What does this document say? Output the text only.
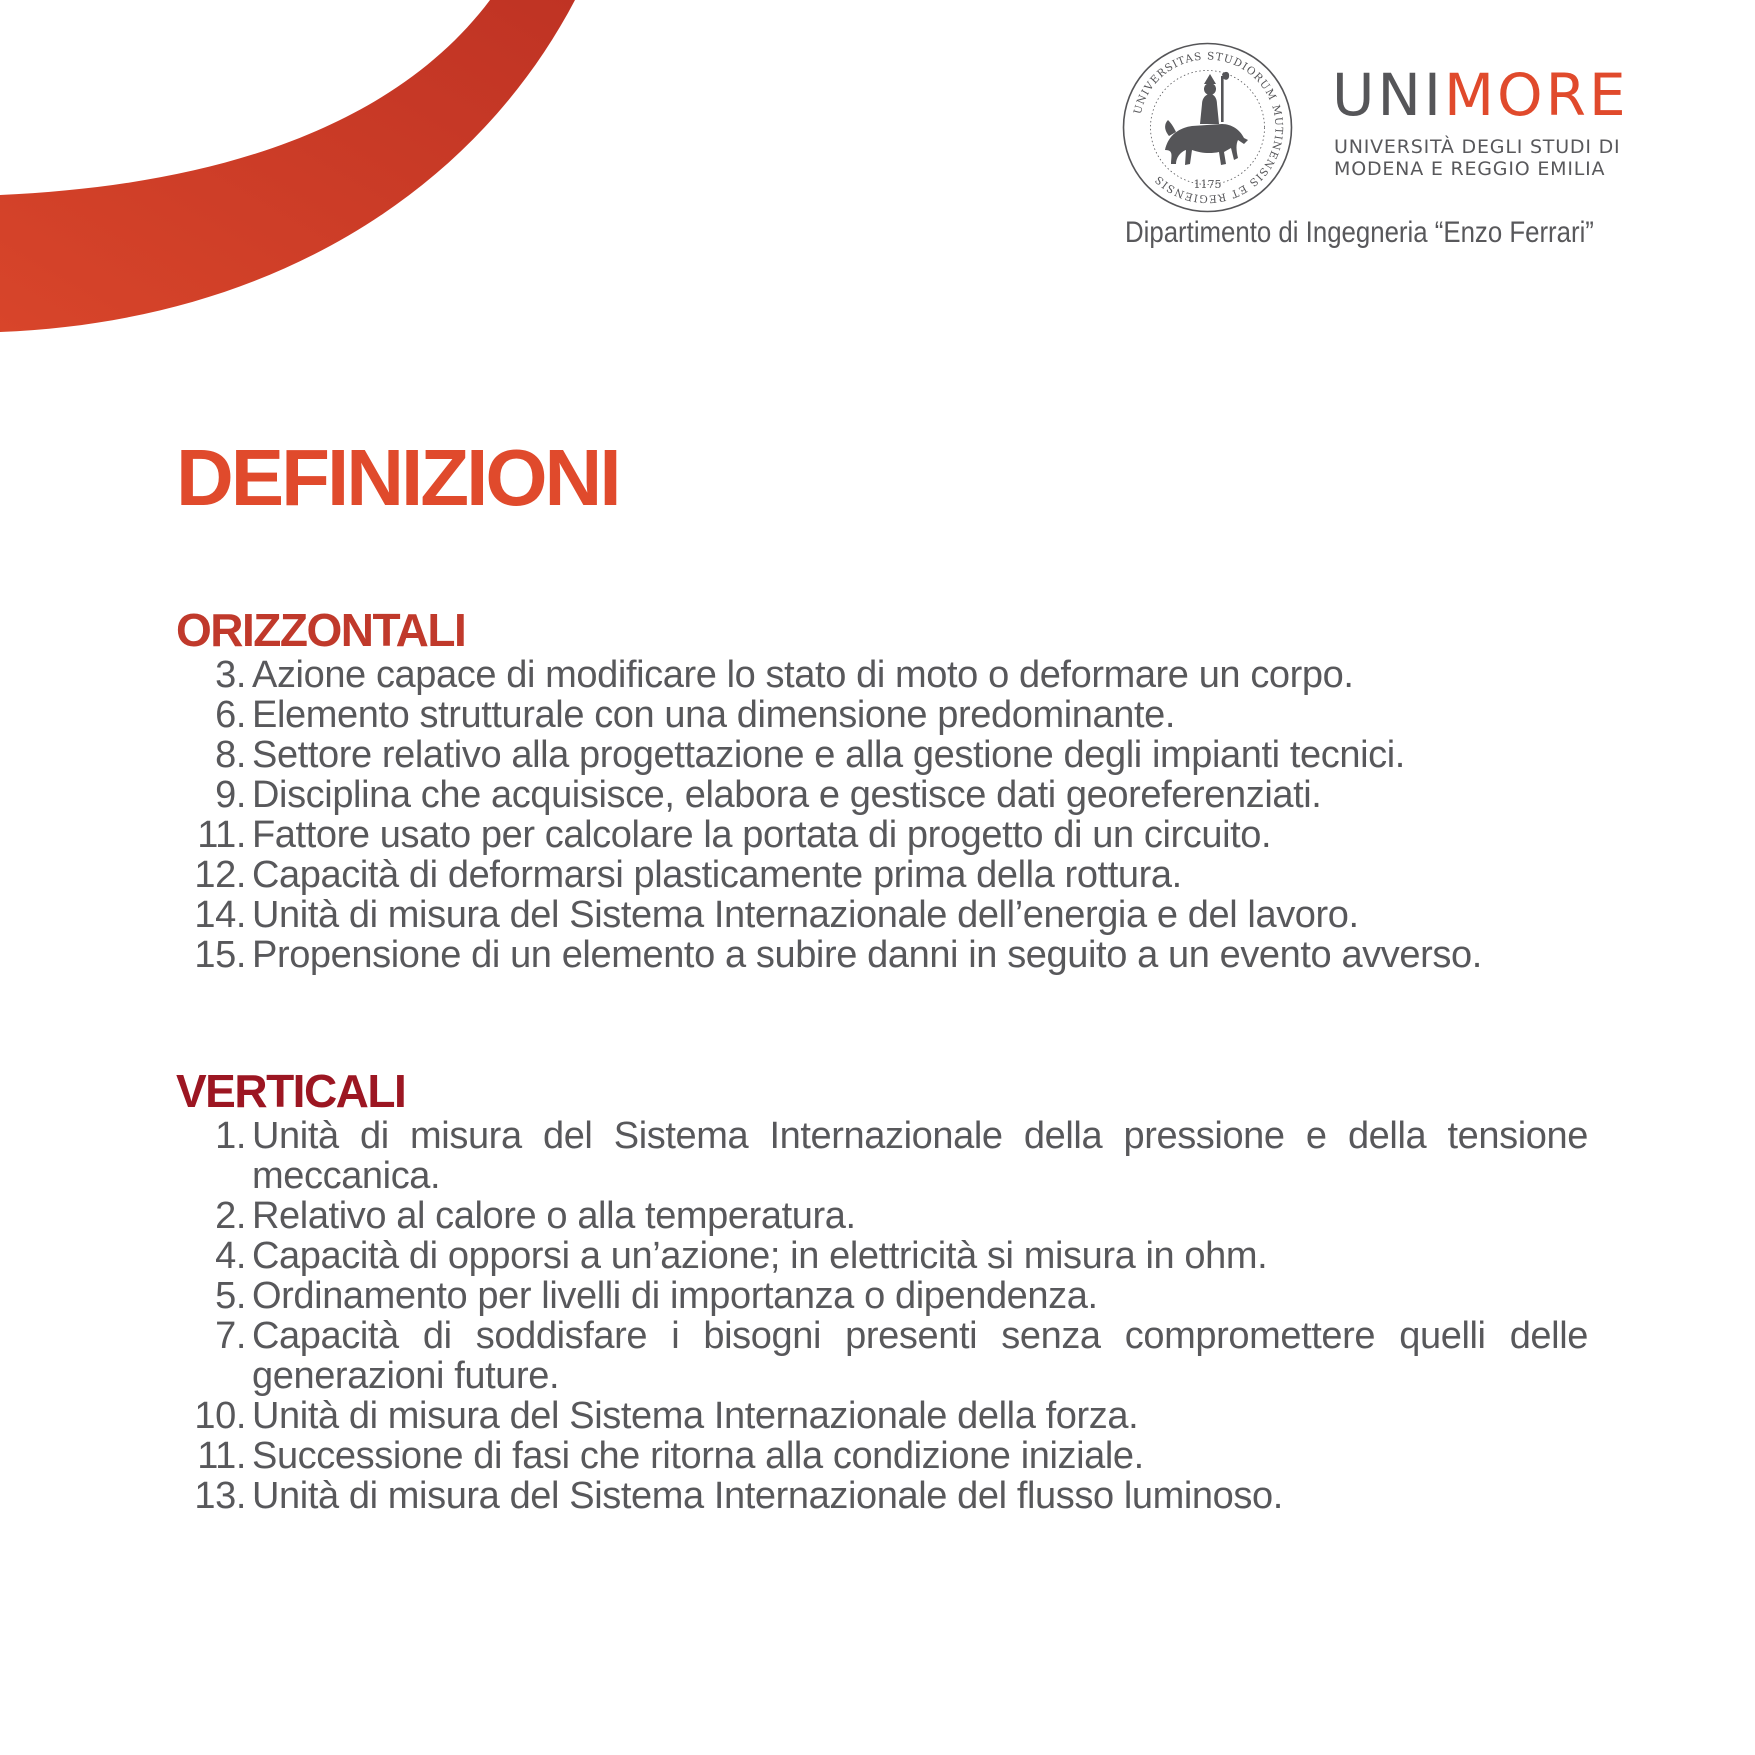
UNIVERSITAS STUDIORUM MUTINENSIS ET REGIENSIS	1175
UNIMORE
UNIVERSITÀ DEGLI STUDI DI
MODENA E REGGIO EMILIA
Dipartimento di Ingegneria “Enzo Ferrari”
DEFINIZIONI
ORIZZONTALI
3. Azione capace di modificare lo stato di moto o deformare un corpo.
6. Elemento strutturale con una dimensione predominante.
8. Settore relativo alla progettazione e alla gestione degli impianti tecnici.
9. Disciplina che acquisisce, elabora e gestisce dati georeferenziati.
11. Fattore usato per calcolare la portata di progetto di un circuito.
12. Capacità di deformarsi plasticamente prima della rottura.
14. Unità di misura del Sistema Internazionale dell’energia e del lavoro.
15. Propensione di un elemento a subire danni in seguito a un evento avverso.
VERTICALI
1. Unità di misura del Sistema Internazionale della pressione e della tensione meccanica.
2. Relativo al calore o alla temperatura.
4. Capacità di opporsi a un’azione; in elettricità si misura in ohm.
5. Ordinamento per livelli di importanza o dipendenza.
7. Capacità di soddisfare i bisogni presenti senza compromettere quelli delle generazioni future.
10. Unità di misura del Sistema Internazionale della forza.
11. Successione di fasi che ritorna alla condizione iniziale.
13. Unità di misura del Sistema Internazionale del flusso luminoso.
